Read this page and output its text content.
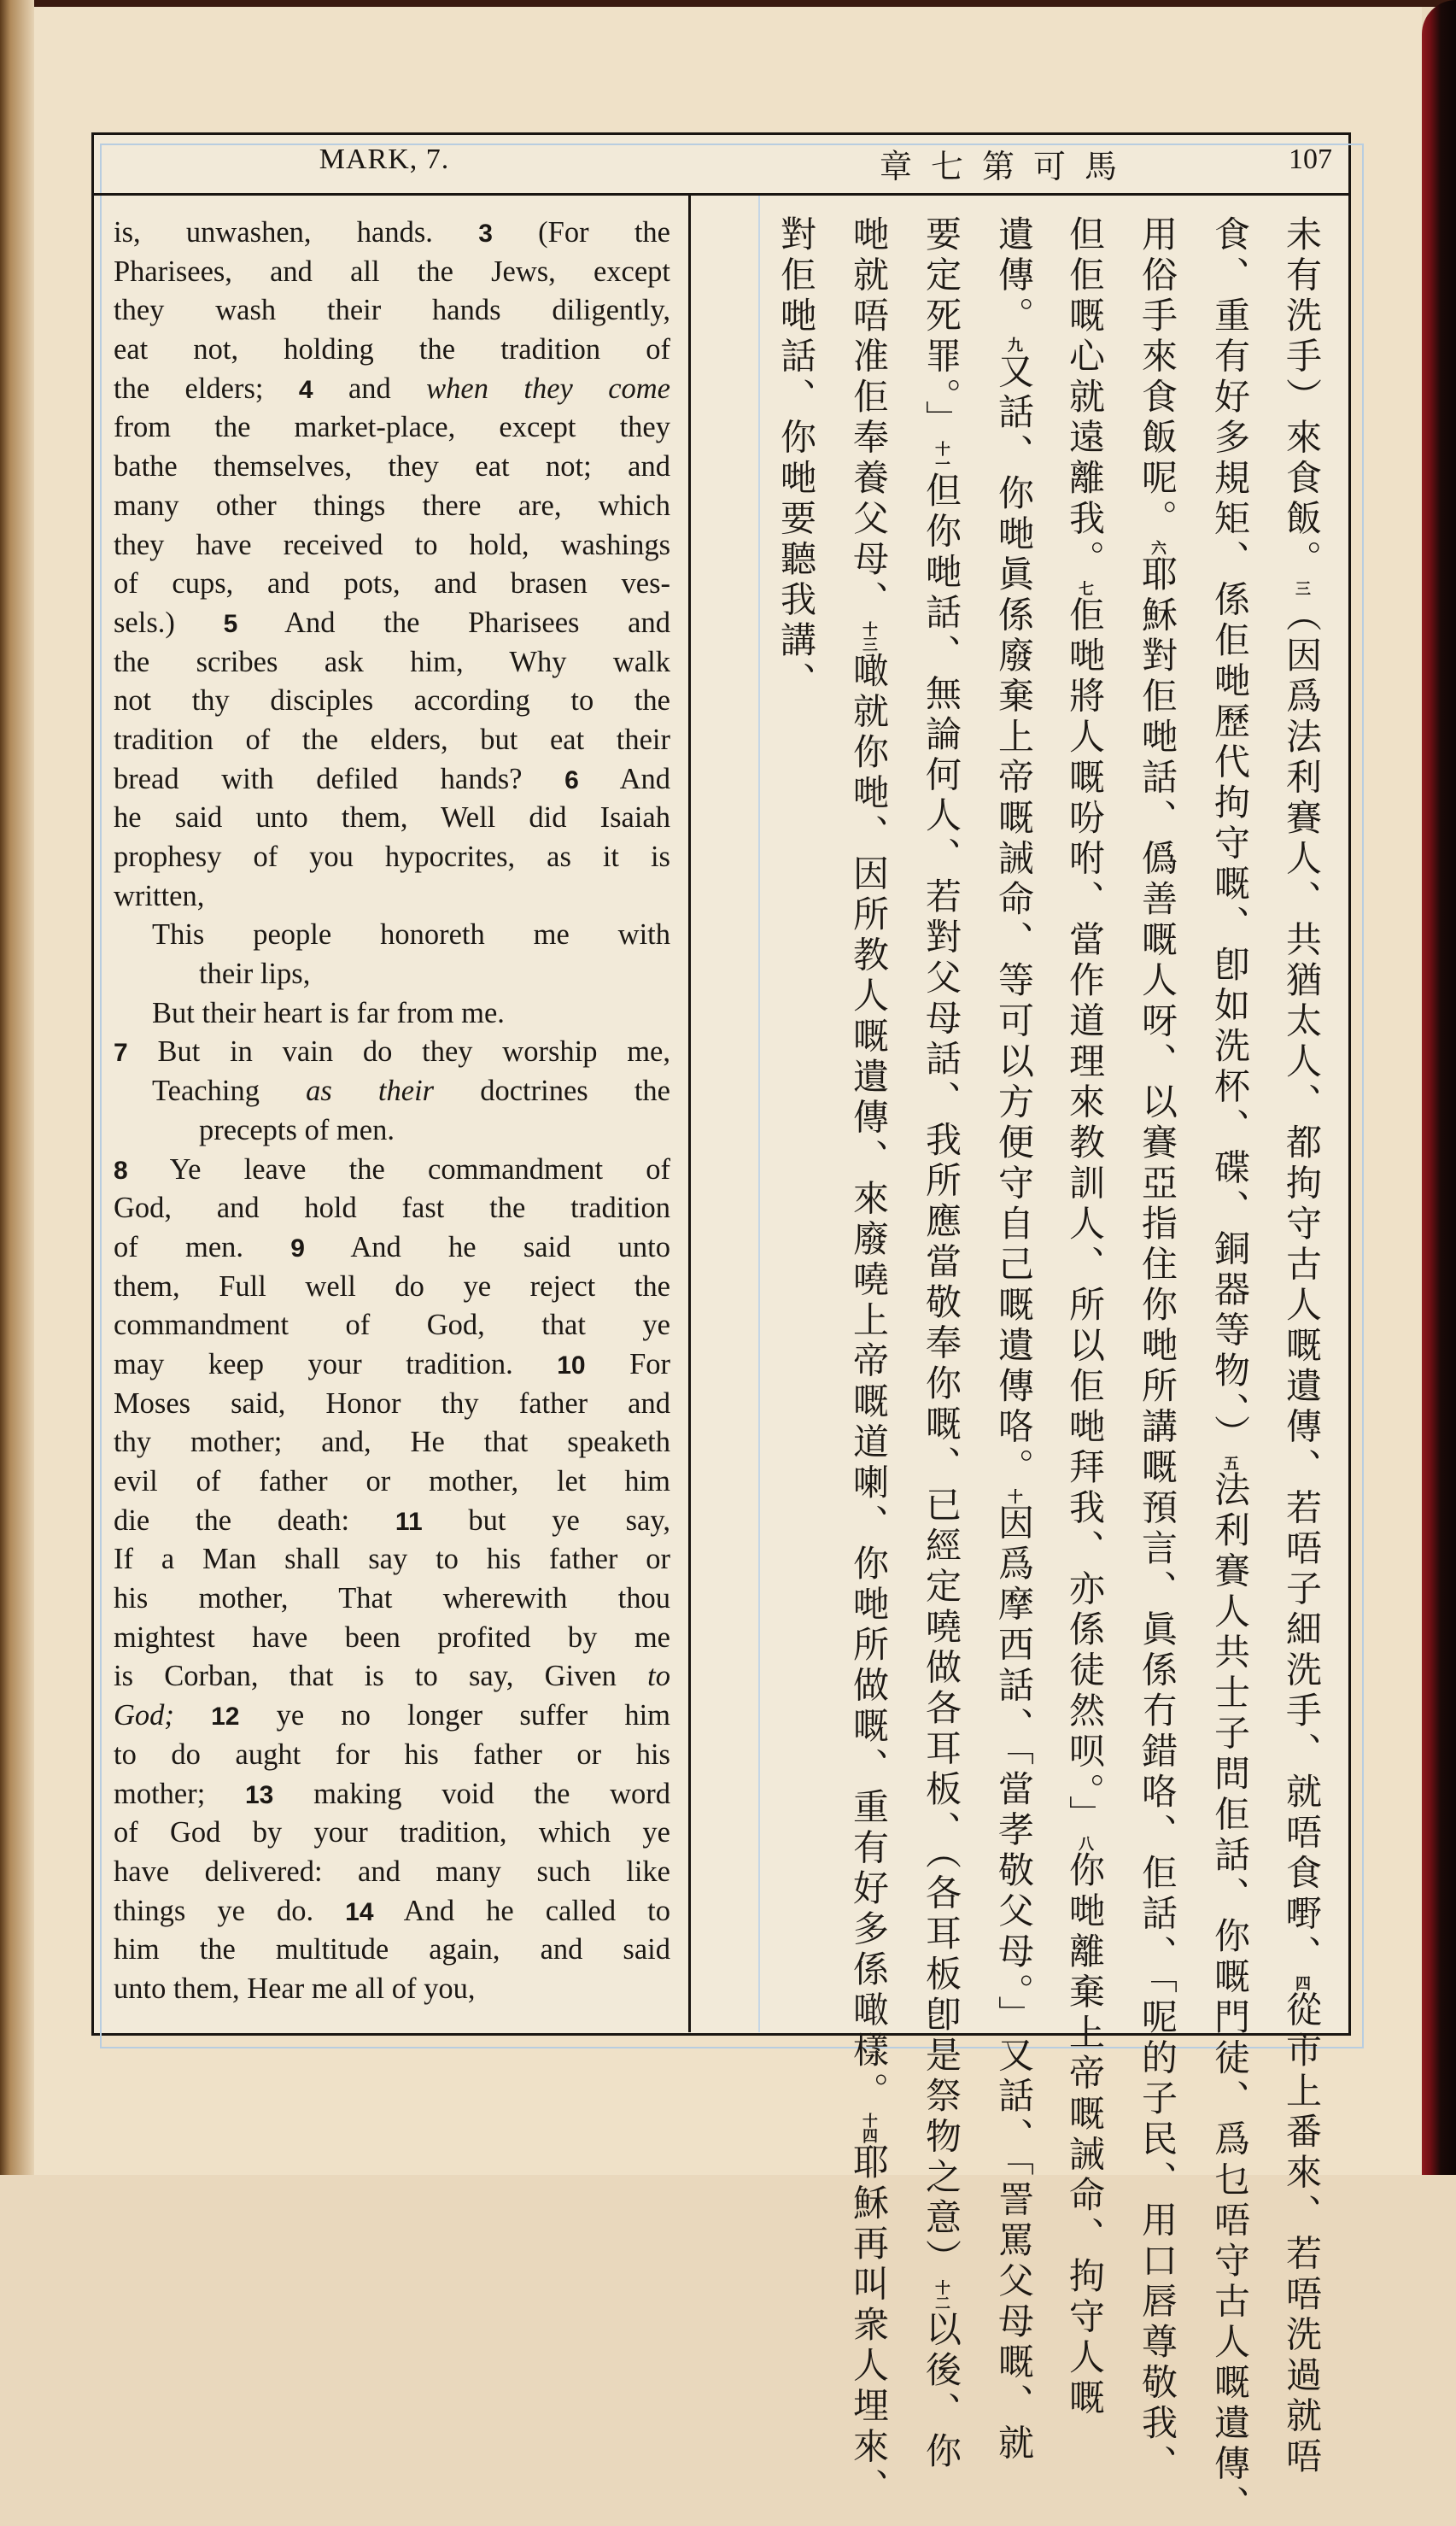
MARK, 7.	章七第可馬	107
is, unwashen, hands. 3 (For the
Pharisees, and all the Jews, except
they wash their hands diligently,
eat not, holding the tradition of
the elders; 4 and when they come
from the market-place, except they
bathe themselves, they eat not; and
many other things there are, which
they have received to hold, washings
of cups, and pots, and brasen ves-
sels.) 5 And the Pharisees and
the scribes ask him, Why walk
not thy disciples according to the
tradition of the elders, but eat their
bread with defiled hands? 6 And
he said unto them, Well did Isaiah
prophesy of you hypocrites, as it is
written,
This people honoreth me with
their lips,
But their heart is far from me.
7 But in vain do they worship me,
Teaching as their doctrines the
precepts of men.
8 Ye leave the commandment of
God, and hold fast the tradition
of men. 9 And he said unto
them, Full well do ye reject the
commandment of God, that ye
may keep your tradition. 10 For
Moses said, Honor thy father and
thy mother; and, He that speaketh
evil of father or mother, let him
die the death: 11 but ye say,
If a Man shall say to his father or
his mother, That wherewith thou
mightest have been profited by me
is Corban, that is to say, Given to
God; 12 ye no longer suffer him
to do aught for his father or his
mother; 13 making void the word
of God by your tradition, which ye
have delivered: and many such like
things ye do. 14 And he called to
him the multitude again, and said
unto them, Hear me all of you,
未有洗手）來食飯。三（因爲法利賽人、共猶太人、都拘守古人嘅遺傳、若唔子細洗手、就唔食嘢、四從市上番來、若唔洗過就唔
食、重有好多規矩、係佢哋歷代拘守嘅、卽如洗杯、碟、銅器等物、）五法利賽人共士子問佢話、你嘅門徒、爲乜唔守古人嘅遺傳、
用俗手來食飯呢。六耶穌對佢哋話、僞善嘅人呀、以賽亞指住你哋所講嘅預言、眞係冇錯咯、佢話、「呢的子民、用口唇尊敬我、
但佢嘅心就遠離我。七佢哋將人嘅吩咐、當作道理來教訓人、所以佢哋拜我、亦係徒然呗。」八你哋離棄上帝嘅誡命、拘守人嘅
遺傳。九又話、你哋眞係廢棄上帝嘅誡命、等可以方便守自己嘅遺傳咯。十因爲摩西話、「當孝敬父母。」又話、「詈罵父母嘅、就
要定死罪。」十一但你哋話、無論何人、若對父母話、我所應當敬奉你嘅、已經定嘵做各耳板、（各耳板卽是祭物之意）十二以後、你
哋就唔准佢奉養父母、十三噉就你哋、因所教人嘅遺傳、來廢嘵上帝嘅道喇、你哋所做嘅、重有好多係噉樣。十四耶穌再叫衆人埋來、
對佢哋話、你哋要聽我講、
